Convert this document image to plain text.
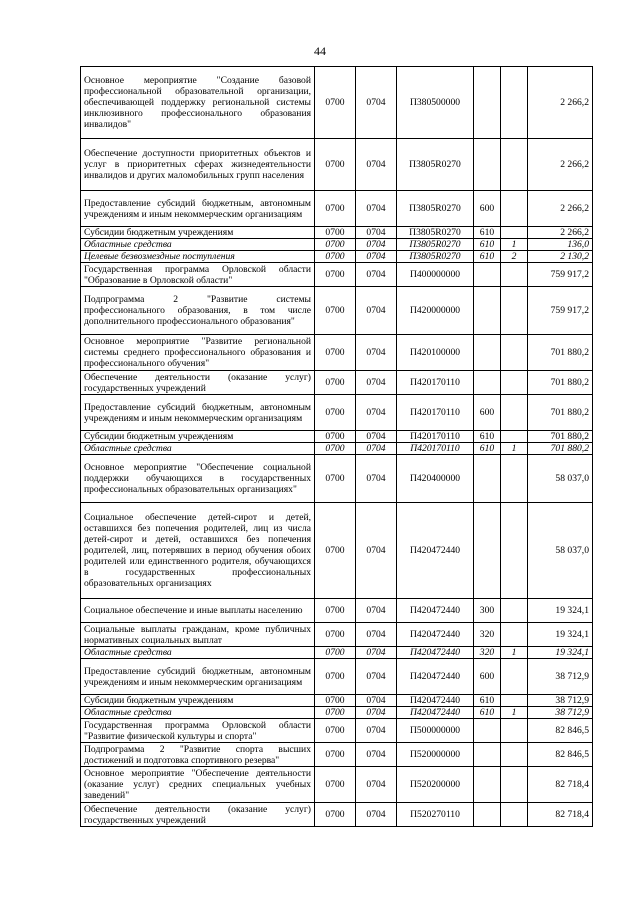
44
Основное мероприятие "Создание базовой профессиональной образовательной организации, обеспечивающей поддержку региональной системы инклюзивного профессионального образования инвалидов"	0700	0704	П380500000			2 266,2
Обеспечение доступности приоритетных объектов и услуг в приоритетных сферах жизнедеятельности инвалидов и других маломобильных групп населения	0700	0704	П3805R0270			2 266,2
Предоставление субсидий бюджетным, автономным учреждениям и иным некоммерческим организациям	0700	0704	П3805R0270	600		2 266,2
Субсидии бюджетным учреждениям	0700	0704	П3805R0270	610		2 266,2
Областные средства	0700	0704	П3805R0270	610	1	136,0
Целевые безвозмездные поступления	0700	0704	П3805R0270	610	2	2 130,2
Государственная программа Орловской области "Образование в Орловской области"	0700	0704	П400000000			759 917,2
Подпрограмма 2 "Развитие системы профессионального образования, в том числе дополнительного профессионального образования"	0700	0704	П420000000			759 917,2
Основное мероприятие "Развитие региональной системы среднего профессионального образования и профессионального обучения"	0700	0704	П420100000			701 880,2
Обеспечение деятельности (оказание услуг) государственных учреждений	0700	0704	П420170110			701 880,2
Предоставление субсидий бюджетным, автономным учреждениям и иным некоммерческим организациям	0700	0704	П420170110	600		701 880,2
Субсидии бюджетным учреждениям	0700	0704	П420170110	610		701 880,2
Областные средства	0700	0704	П420170110	610	1	701 880,2
Основное мероприятие "Обеспечение социальной поддержки обучающихся в государственных профессиональных образовательных организациях"	0700	0704	П420400000			58 037,0
Социальное обеспечение детей-сирот и детей, оставшихся без попечения родителей, лиц из числа детей-сирот и детей, оставшихся без попечения родителей, лиц, потерявших в период обучения обоих родителей или единственного родителя, обучающихся в государственных профессиональных образовательных организациях	0700	0704	П420472440			58 037,0
Социальное обеспечение и иные выплаты населению	0700	0704	П420472440	300		19 324,1
Социальные выплаты гражданам, кроме публичных нормативных социальных выплат	0700	0704	П420472440	320		19 324,1
Областные средства	0700	0704	П420472440	320	1	19 324,1
Предоставление субсидий бюджетным, автономным учреждениям и иным некоммерческим организациям	0700	0704	П420472440	600		38 712,9
Субсидии бюджетным учреждениям	0700	0704	П420472440	610		38 712,9
Областные средства	0700	0704	П420472440	610	1	38 712,9
Государственная программа Орловской области "Развитие физической культуры и спорта"	0700	0704	П500000000			82 846,5
Подпрограмма 2 "Развитие спорта высших достижений и подготовка спортивного резерва"	0700	0704	П520000000			82 846,5
Основное мероприятие "Обеспечение деятельности (оказание услуг) средних специальных учебных заведений"	0700	0704	П520200000			82 718,4
Обеспечение деятельности (оказание услуг) государственных учреждений	0700	0704	П520270110			82 718,4
